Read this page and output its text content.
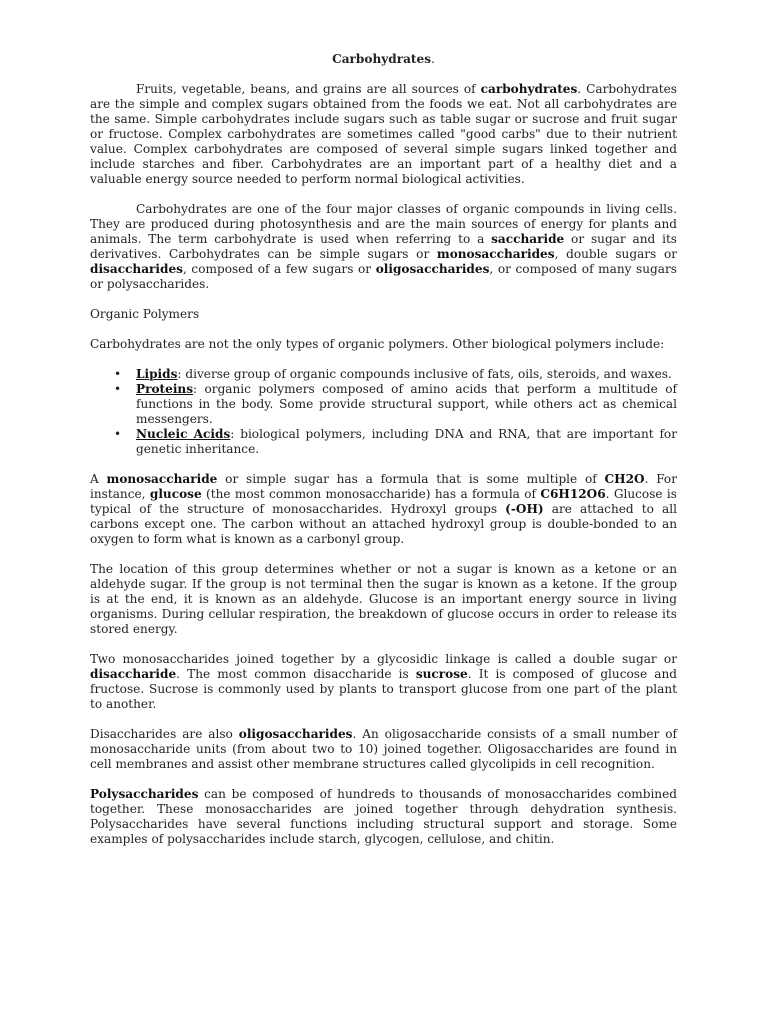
Carbohydrates.

Fruits, vegetable, beans, and grains are all sources of carbohydrates. Carbohydrates are the simple and complex sugars obtained from the foods we eat. Not all carbohydrates are the same. Simple carbohydrates include sugars such as table sugar or sucrose and fruit sugar or fructose. Complex carbohydrates are sometimes called "good carbs" due to their nutrient value. Complex carbohydrates are composed of several simple sugars linked together and include starches and fiber. Carbohydrates are an important part of a healthy diet and a valuable energy source needed to perform normal biological activities.

Carbohydrates are one of the four major classes of organic compounds in living cells. They are produced during photosynthesis and are the main sources of energy for plants and animals. The term carbohydrate is used when referring to a saccharide or sugar and its derivatives. Carbohydrates can be simple sugars or monosaccharides, double sugars or disaccharides, composed of a few sugars or oligosaccharides, or composed of many sugars or polysaccharides.

Organic Polymers

Carbohydrates are not the only types of organic polymers. Other biological polymers include:

• Lipids: diverse group of organic compounds inclusive of fats, oils, steroids, and waxes.
• Proteins: organic polymers composed of amino acids that perform a multitude of functions in the body. Some provide structural support, while others act as chemical messengers.
• Nucleic Acids: biological polymers, including DNA and RNA, that are important for genetic inheritance.

A monosaccharide or simple sugar has a formula that is some multiple of CH2O. For instance, glucose (the most common monosaccharide) has a formula of C6H12O6. Glucose is typical of the structure of monosaccharides. Hydroxyl groups (-OH) are attached to all carbons except one. The carbon without an attached hydroxyl group is double-bonded to an oxygen to form what is known as a carbonyl group.

The location of this group determines whether or not a sugar is known as a ketone or an aldehyde sugar. If the group is not terminal then the sugar is known as a ketone. If the group is at the end, it is known as an aldehyde. Glucose is an important energy source in living organisms. During cellular respiration, the breakdown of glucose occurs in order to release its stored energy.

Two monosaccharides joined together by a glycosidic linkage is called a double sugar or disaccharide. The most common disaccharide is sucrose. It is composed of glucose and fructose. Sucrose is commonly used by plants to transport glucose from one part of the plant to another.

Disaccharides are also oligosaccharides. An oligosaccharide consists of a small number of monosaccharide units (from about two to 10) joined together. Oligosaccharides are found in cell membranes and assist other membrane structures called glycolipids in cell recognition.

Polysaccharides can be composed of hundreds to thousands of monosaccharides combined together. These monosaccharides are joined together through dehydration synthesis. Polysaccharides have several functions including structural support and storage. Some examples of polysaccharides include starch, glycogen, cellulose, and chitin.
